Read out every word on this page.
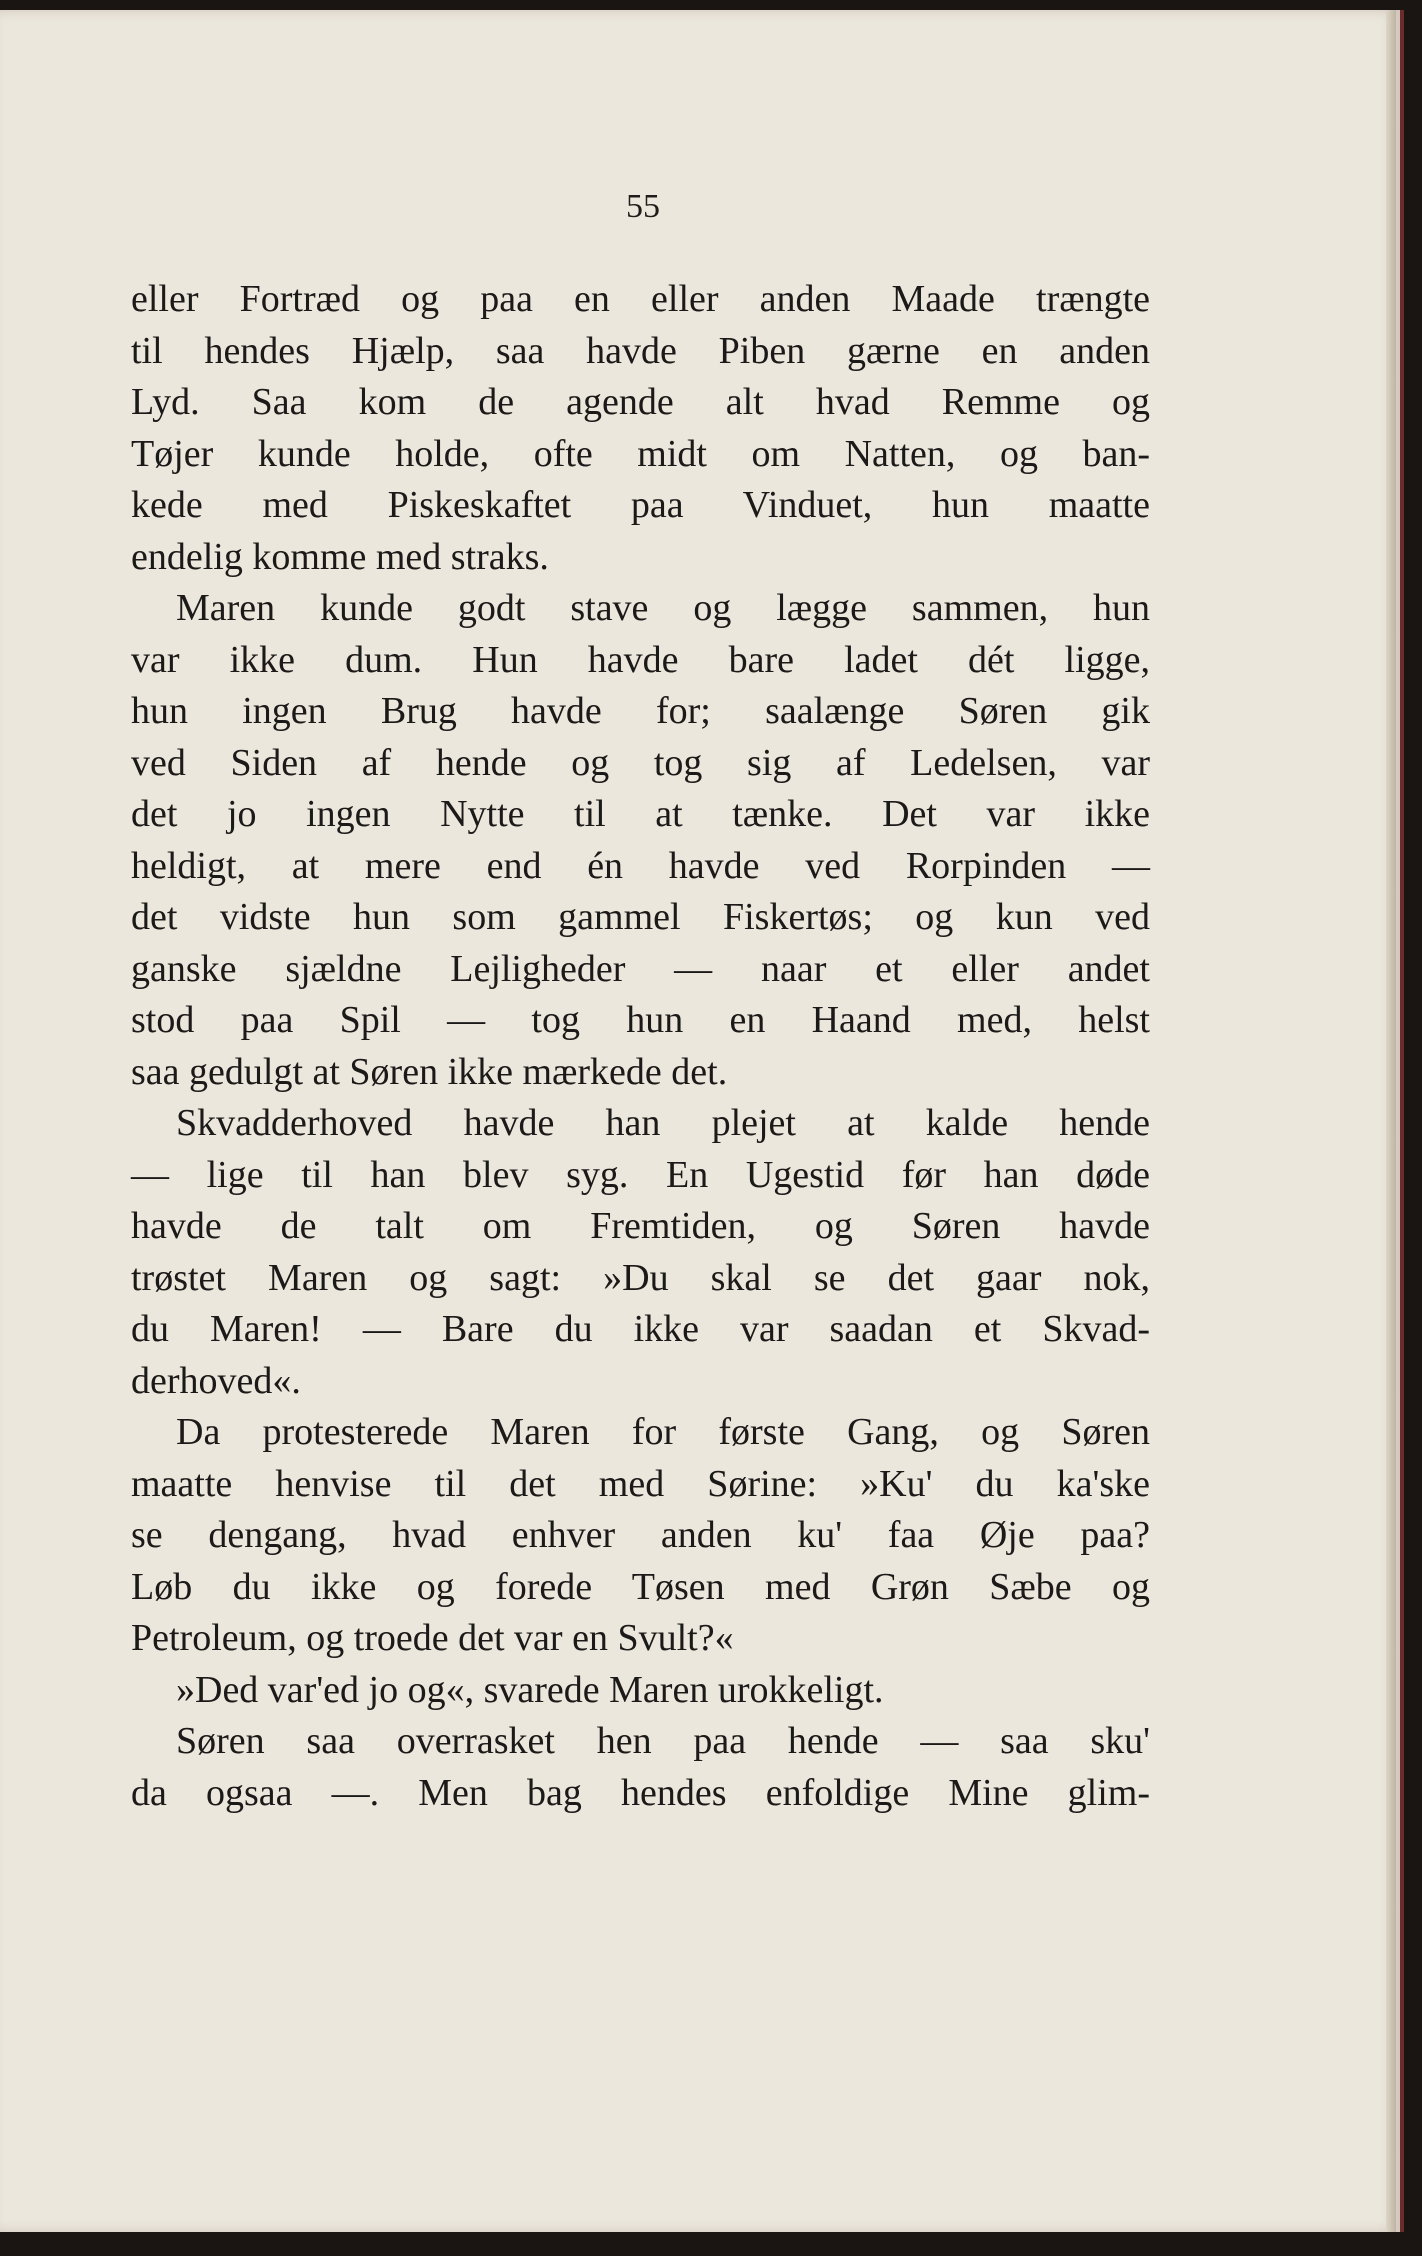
55
eller Fortræd og paa en eller anden Maade trængte
til hendes Hjælp, saa havde Piben gærne en anden
Lyd. Saa kom de agende alt hvad Remme og
Tøjer kunde holde, ofte midt om Natten, og ban-
kede med Piskeskaftet paa Vinduet, hun maatte
endelig komme med straks.
Maren kunde godt stave og lægge sammen, hun
var ikke dum. Hun havde bare ladet dét ligge,
hun ingen Brug havde for; saalænge Søren gik
ved Siden af hende og tog sig af Ledelsen, var
det jo ingen Nytte til at tænke. Det var ikke
heldigt, at mere end én havde ved Rorpinden —
det vidste hun som gammel Fiskertøs; og kun ved
ganske sjældne Lejligheder — naar et eller andet
stod paa Spil — tog hun en Haand med, helst
saa gedulgt at Søren ikke mærkede det.
Skvadderhoved havde han plejet at kalde hende
— lige til han blev syg. En Ugestid før han døde
havde de talt om Fremtiden, og Søren havde
trøstet Maren og sagt: »Du skal se det gaar nok,
du Maren! — Bare du ikke var saadan et Skvad-
derhoved«.
Da protesterede Maren for første Gang, og Søren
maatte henvise til det med Sørine: »Ku' du ka'ske
se dengang, hvad enhver anden ku' faa Øje paa?
Løb du ikke og forede Tøsen med Grøn Sæbe og
Petroleum, og troede det var en Svult?«
»Ded var'ed jo og«, svarede Maren urokkeligt.
Søren saa overrasket hen paa hende — saa sku'
da ogsaa —. Men bag hendes enfoldige Mine glim-
